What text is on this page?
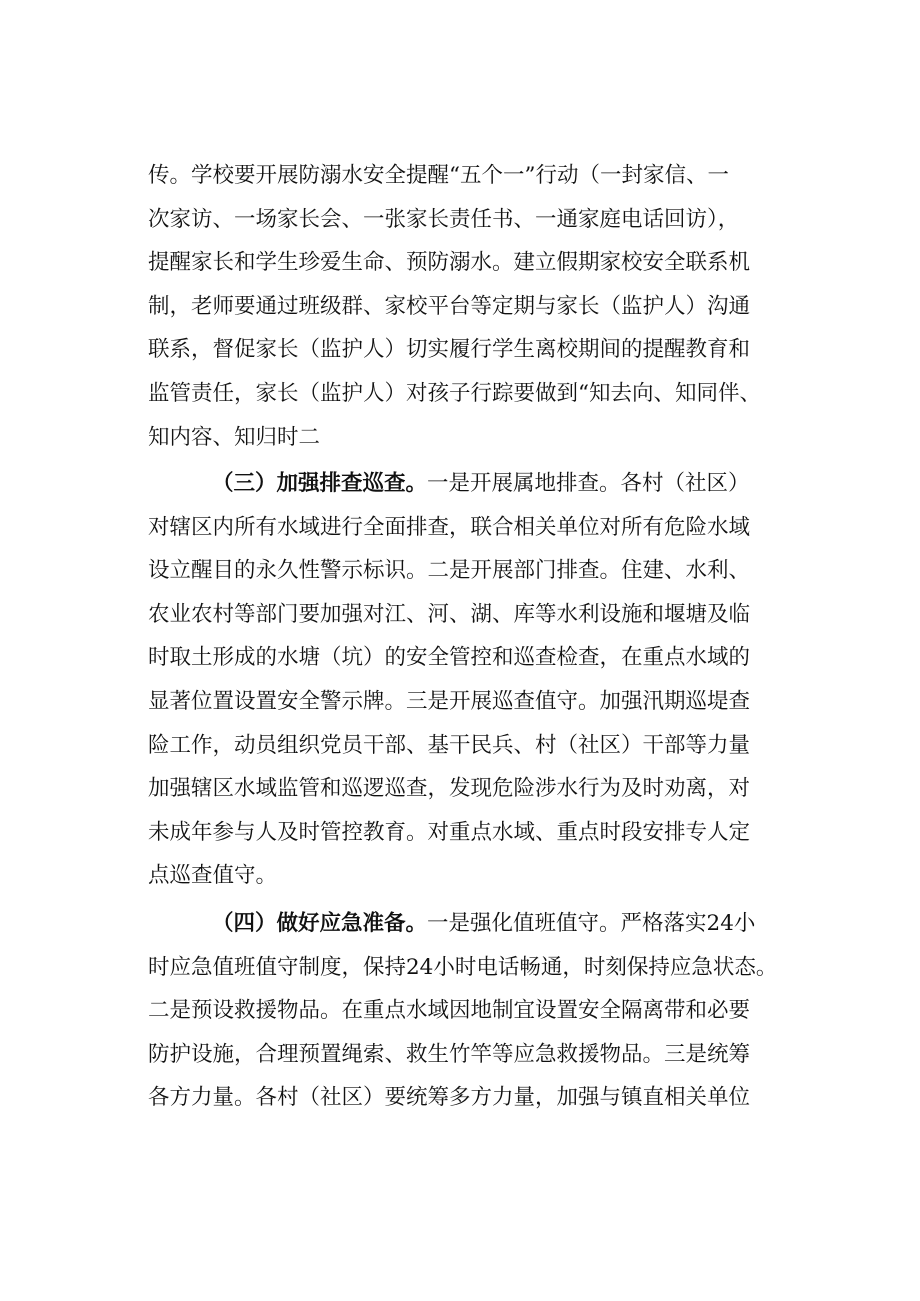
传。学校要开展防溺水安全提醒“五个一”行动（一封家信、一
次家访、一场家长会、一张家长责任书、一通家庭电话回访），
提醒家长和学生珍爱生命、预防溺水。建立假期家校安全联系机
制，老师要通过班级群、家校平台等定期与家长（监护人）沟通
联系，督促家长（监护人）切实履行学生离校期间的提醒教育和
监管责任，家长（监护人）对孩子行踪要做到“知去向、知同伴、
知内容、知归时二
（三）加强排查巡查。一是开展属地排查。各村（社区）
对辖区内所有水域进行全面排查，联合相关单位对所有危险水域
设立醒目的永久性警示标识。二是开展部门排查。住建、水利、
农业农村等部门要加强对江、河、湖、库等水利设施和堰塘及临
时取土形成的水塘（坑）的安全管控和巡查检查，在重点水域的
显著位置设置安全警示牌。三是开展巡查值守。加强汛期巡堤查
险工作，动员组织党员干部、基干民兵、村（社区）干部等力量
加强辖区水域监管和巡逻巡查，发现危险涉水行为及时劝离，对
未成年参与人及时管控教育。对重点水域、重点时段安排专人定
点巡查值守。
（四）做好应急准备。一是强化值班值守。严格落实24小
时应急值班值守制度，保持24小时电话畅通，时刻保持应急状态。
二是预设救援物品。在重点水域因地制宜设置安全隔离带和必要
防护设施，合理预置绳索、救生竹竿等应急救援物品。三是统筹
各方力量。各村（社区）要统筹多方力量，加强与镇直相关单位
